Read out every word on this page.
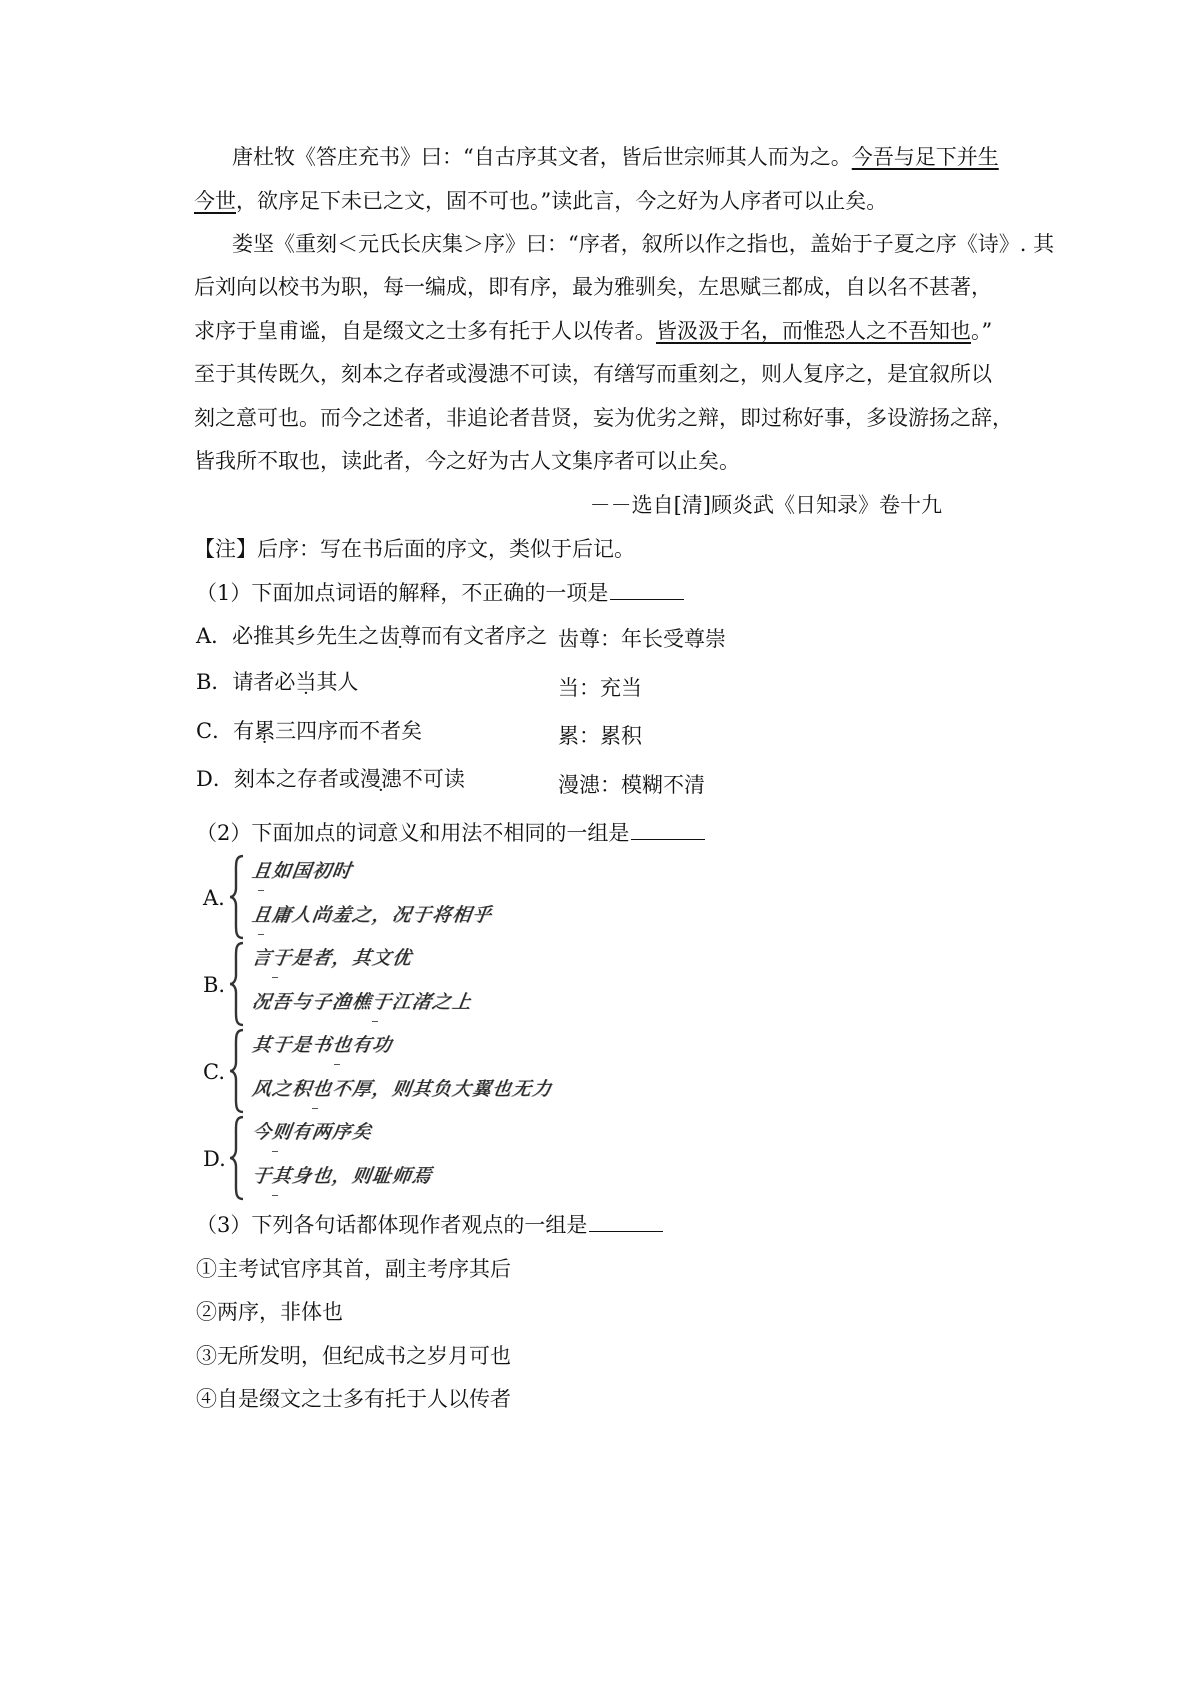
唐杜牧《答庄充书》曰：“自古序其文者，皆后世宗师其人而为之。今吾与足下并生
今世，欲序足下未已之文，固不可也。”读此言，今之好为人序者可以止矣。
娄坚《重刻＜元氏长庆集＞序》曰：“序者，叙所以作之指也，盖始于子夏之序《诗》. 其
后刘向以校书为职，每一编成，即有序，最为雅驯矣，左思赋三都成，自以名不甚著，
求序于皇甫谧，自是缀文之士多有托于人以传者。皆汲汲于名，而惟恐人之不吾知也。”
至于其传既久，刻本之存者或漫漶不可读，有缮写而重刻之，则人复序之，是宜叙所以
刻之意可也。而今之述者，非追论者昔贤，妄为优劣之辩，即过称好事，多设游扬之辞，
皆我所不取也，读此者，今之好为古人文集序者可以止矣。
－－选自[清]顾炎武《日知录》卷十九
【注】后序：写在书后面的序文，类似于后记。
（1）下面加点词语的解释，不正确的一项是
A．必推其乡先生之齿尊而有文者序之 齿尊：年长受尊崇
B．请者必当其人	当：充当
C．有累三四序而不者矣	累：累积
D．刻本之存者或漫漶不可读	漫漶：模糊不清
（2）下面加点的词意义和用法不相同的一组是
A.
且如国初时
且庸人尚羞之，况于将相乎
B.
言于是者，其文优
况吾与子渔樵于江渚之上
C.
其于是书也有功
风之积也不厚，则其负大翼也无力
D.
今则有两序矣
于其身也，则耻师焉
（3）下列各句话都体现作者观点的一组是
①主考试官序其首，副主考序其后
②两序，非体也
③无所发明，但纪成书之岁月可也
④自是缀文之士多有托于人以传者
